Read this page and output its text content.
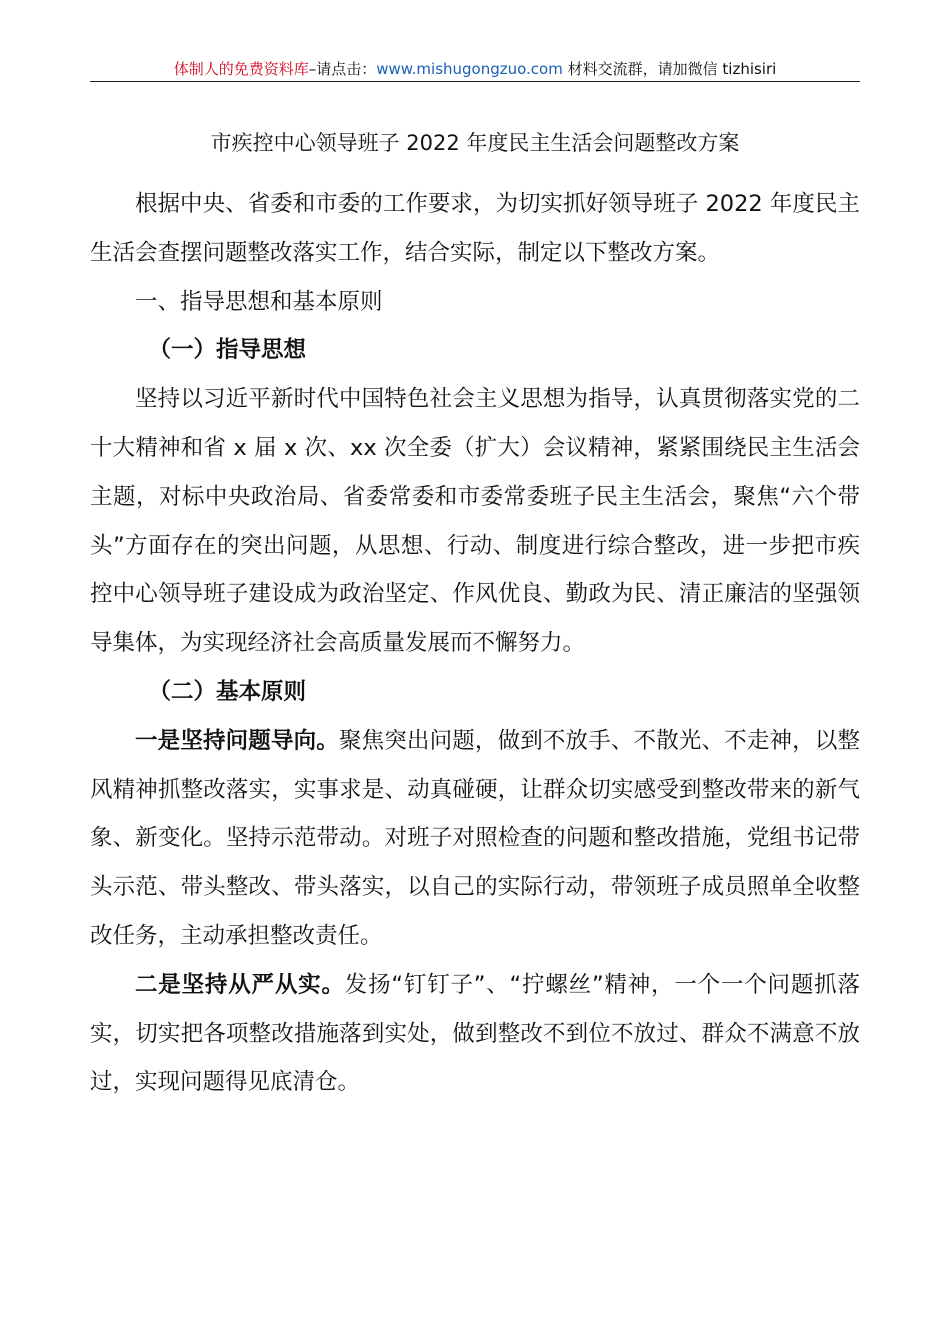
体制人的免费资料库–请点击：www.mishugongzuo.com 材料交流群，请加微信 tizhisiri
市疾控中心领导班子 2022 年度民主生活会问题整改方案

根据中央、省委和市委的工作要求，为切实抓好领导班子 2022 年度民主生活会查摆问题整改落实工作，结合实际，制定以下整改方案。

一、指导思想和基本原则

（一）指导思想

坚持以习近平新时代中国特色社会主义思想为指导，认真贯彻落实党的二十大精神和省 x 届 x 次、xx 次全委（扩大）会议精神，紧紧围绕民主生活会主题，对标中央政治局、省委常委和市委常委班子民主生活会，聚焦“六个带头”方面存在的突出问题，从思想、行动、制度进行综合整改，进一步把市疾控中心领导班子建设成为政治坚定、作风优良、勤政为民、清正廉洁的坚强领导集体，为实现经济社会高质量发展而不懈努力。

（二）基本原则

一是坚持问题导向。聚焦突出问题，做到不放手、不散光、不走神，以整风精神抓整改落实，实事求是、动真碰硬，让群众切实感受到整改带来的新气象、新变化。坚持示范带动。对班子对照检查的问题和整改措施，党组书记带头示范、带头整改、带头落实，以自己的实际行动，带领班子成员照单全收整改任务，主动承担整改责任。

二是坚持从严从实。发扬“钉钉子”、“拧螺丝”精神，一个一个问题抓落实，切实把各项整改措施落到实处，做到整改不到位不放过、群众不满意不放过，实现问题得见底清仓。
